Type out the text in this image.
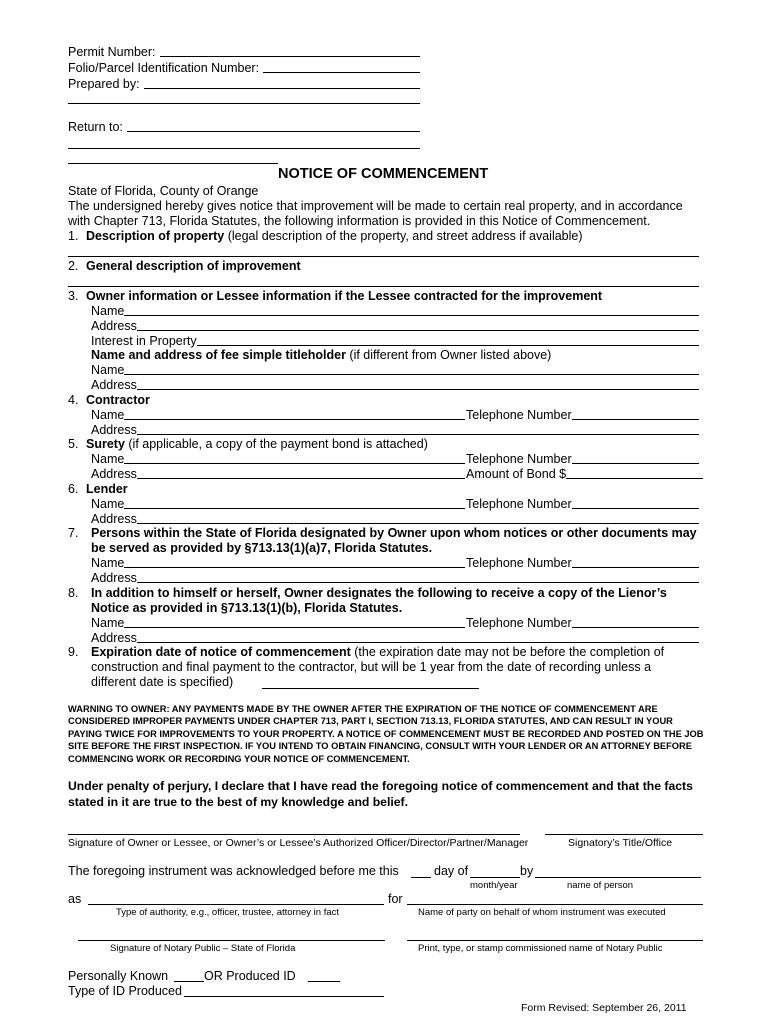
Permit Number:
Folio/Parcel Identification Number:
Prepared by:
Return to:
NOTICE OF COMMENCEMENT
State of Florida, County of Orange
The undersigned hereby gives notice that improvement will be made to certain real property, and in accordance
with Chapter 713, Florida Statutes, the following information is provided in this Notice of Commencement.
1. Description of property (legal description of the property, and street address if available)
2. General description of improvement
3. Owner information or Lessee information if the Lessee contracted for the improvement
Name
Address
Interest in Property
Name and address of fee simple titleholder (if different from Owner listed above)
Name
Address
4. Contractor
Name	Telephone Number
Address
5. Surety (if applicable, a copy of the payment bond is attached)
Name	Telephone Number
Address	Amount of Bond $
6. Lender
Name	Telephone Number
Address
7. Persons within the State of Florida designated by Owner upon whom notices or other documents may
be served as provided by §713.13(1)(a)7, Florida Statutes.
Name	Telephone Number
Address
8. In addition to himself or herself, Owner designates the following to receive a copy of the Lienor’s
Notice as provided in §713.13(1)(b), Florida Statutes.
Name	Telephone Number
Address
9. Expiration date of notice of commencement (the expiration date may not be before the completion of
construction and final payment to the contractor, but will be 1 year from the date of recording unless a
different date is specified)
WARNING TO OWNER: ANY PAYMENTS MADE BY THE OWNER AFTER THE EXPIRATION OF THE NOTICE OF COMMENCEMENT ARE CONSIDERED IMPROPER PAYMENTS UNDER CHAPTER 713, PART I, SECTION 713.13, FLORIDA STATUTES, AND CAN RESULT IN YOUR PAYING TWICE FOR IMPROVEMENTS TO YOUR PROPERTY. A NOTICE OF COMMENCEMENT MUST BE RECORDED AND POSTED ON THE JOB SITE BEFORE THE FIRST INSPECTION. IF YOU INTEND TO OBTAIN FINANCING, CONSULT WITH YOUR LENDER OR AN ATTORNEY BEFORE COMMENCING WORK OR RECORDING YOUR NOTICE OF COMMENCEMENT.
Under penalty of perjury, I declare that I have read the foregoing notice of commencement and that the facts stated in it are true to the best of my knowledge and belief.
Signature of Owner or Lessee, or Owner’s or Lessee’s Authorized Officer/Director/Partner/Manager	Signatory’s Title/Office
The foregoing instrument was acknowledged before me this	day of	by
month/year	name of person
as	for
Type of authority, e.g., officer, trustee, attorney in fact	Name of party on behalf of whom instrument was executed
Signature of Notary Public – State of Florida	Print, type, or stamp commissioned name of Notary Public
Personally Known	OR Produced ID
Type of ID Produced
Form Revised: September 26, 2011
